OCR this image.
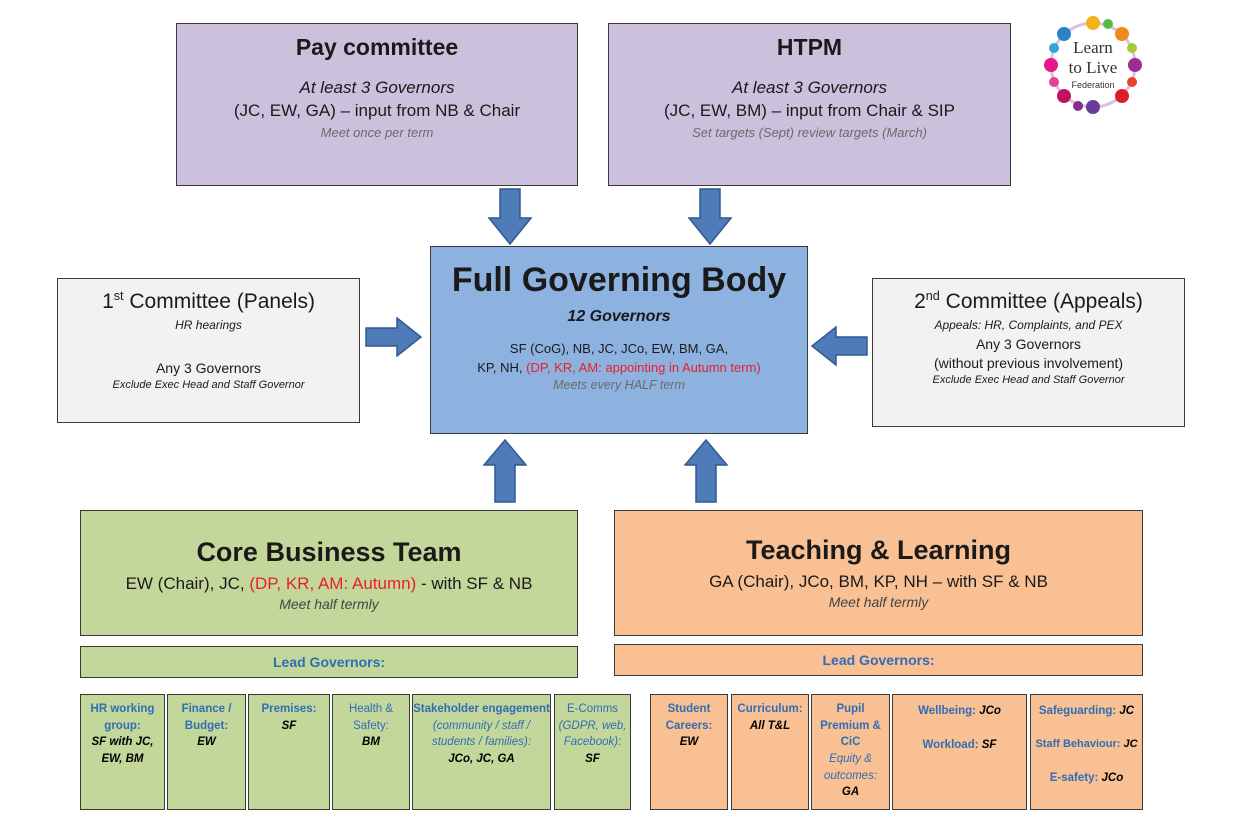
Pay committee
At least 3 Governors
(JC, EW, GA) – input from NB & Chair
Meet once per term
HTPM
At least 3 Governors
(JC, EW, BM) – input from Chair & SIP
Set targets (Sept) review targets (March)
Learn
to Live
Federation
Full Governing Body
12 Governors
SF (CoG), NB, JC, JCo, EW, BM, GA,
KP, NH, (DP, KR, AM: appointing in Autumn term)
Meets every HALF term
1st Committee (Panels)
HR hearings
Any 3 Governors
Exclude Exec Head and Staff Governor
2nd Committee (Appeals)
Appeals: HR, Complaints, and PEX
Any 3 Governors
(without previous involvement)
Exclude Exec Head and Staff Governor
Core Business Team
EW (Chair), JC, (DP, KR, AM: Autumn) - with SF & NB
Meet half termly
Teaching & Learning
GA (Chair), JCo, BM, KP, NH – with SF & NB
Meet half termly
Lead Governors:	Lead Governors:
HR working group:
SF with JC, EW, BM
Finance / Budget:
EW
Premises:
SF
Health & Safety:
BM
Stakeholder engagement
(community / staff / students / families):
JCo, JC, GA
E-Comms
(GDPR, web, Facebook):
SF
Student Careers:
EW
Curriculum:
All T&L
Pupil Premium & CiC
Equity & outcomes:
GA
Wellbeing: JCo
Workload: SF
Safeguarding: JC
Staff Behaviour: JC
E-safety: JCo
